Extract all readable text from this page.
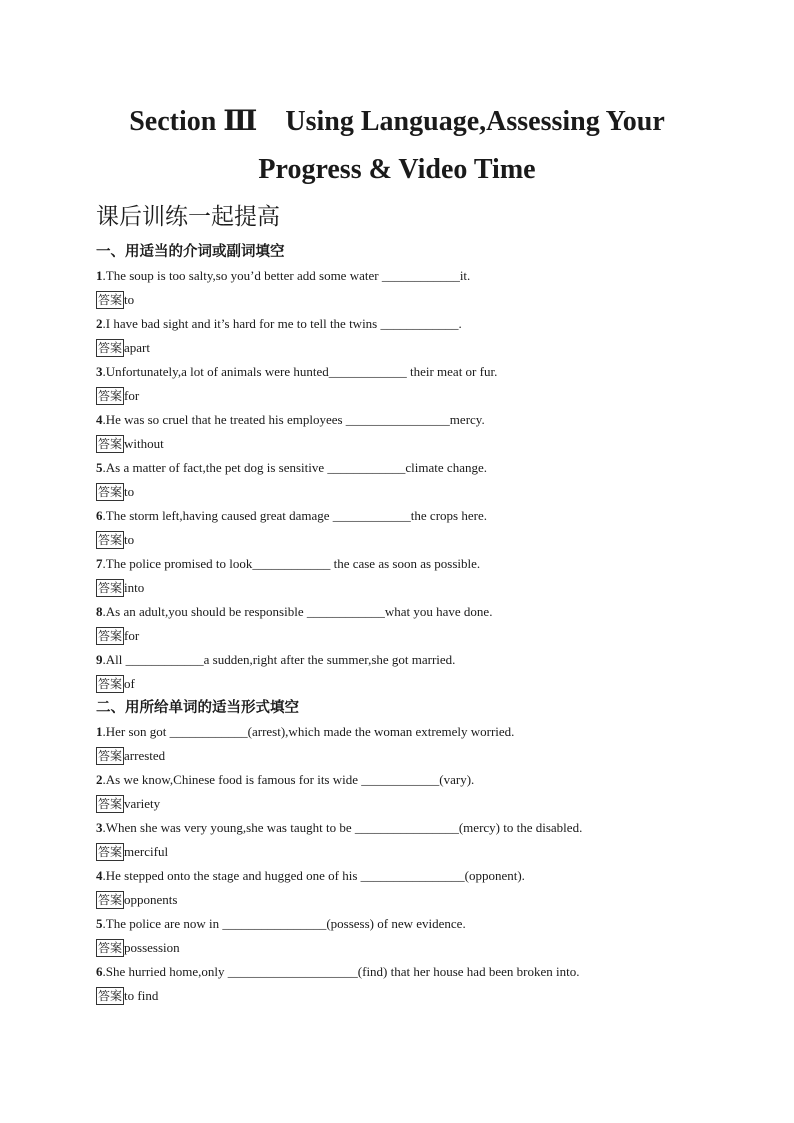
Section Ⅲ　Using Language,Assessing Your
Progress & Video Time
课后训练一起提高
一、用适当的介词或副词填空
1.The soup is too salty,so you’d better add some water ____________it.
答案 to
2.I have bad sight and it’s hard for me to tell the twins ____________.
答案 apart
3.Unfortunately,a lot of animals were hunted____________ their meat or fur.
答案 for
4.He was so cruel that he treated his employees ________________mercy.
答案 without
5.As a matter of fact,the pet dog is sensitive ____________climate change.
答案 to
6.The storm left,having caused great damage ____________the crops here.
答案 to
7.The police promised to look____________ the case as soon as possible.
答案 into
8.As an adult,you should be responsible ____________what you have done.
答案 for
9.All ____________a sudden,right after the summer,she got married.
答案 of
二、用所给单词的适当形式填空
1.Her son got ____________(arrest),which made the woman extremely worried.
答案 arrested
2.As we know,Chinese food is famous for its wide ____________(vary).
答案 variety
3.When she was very young,she was taught to be ________________(mercy) to the disabled.
答案 merciful
4.He stepped onto the stage and hugged one of his ________________(opponent).
答案 opponents
5.The police are now in ________________(possess) of new evidence.
答案 possession
6.She hurried home,only ____________________(find) that her house had been broken into.
答案 to find
